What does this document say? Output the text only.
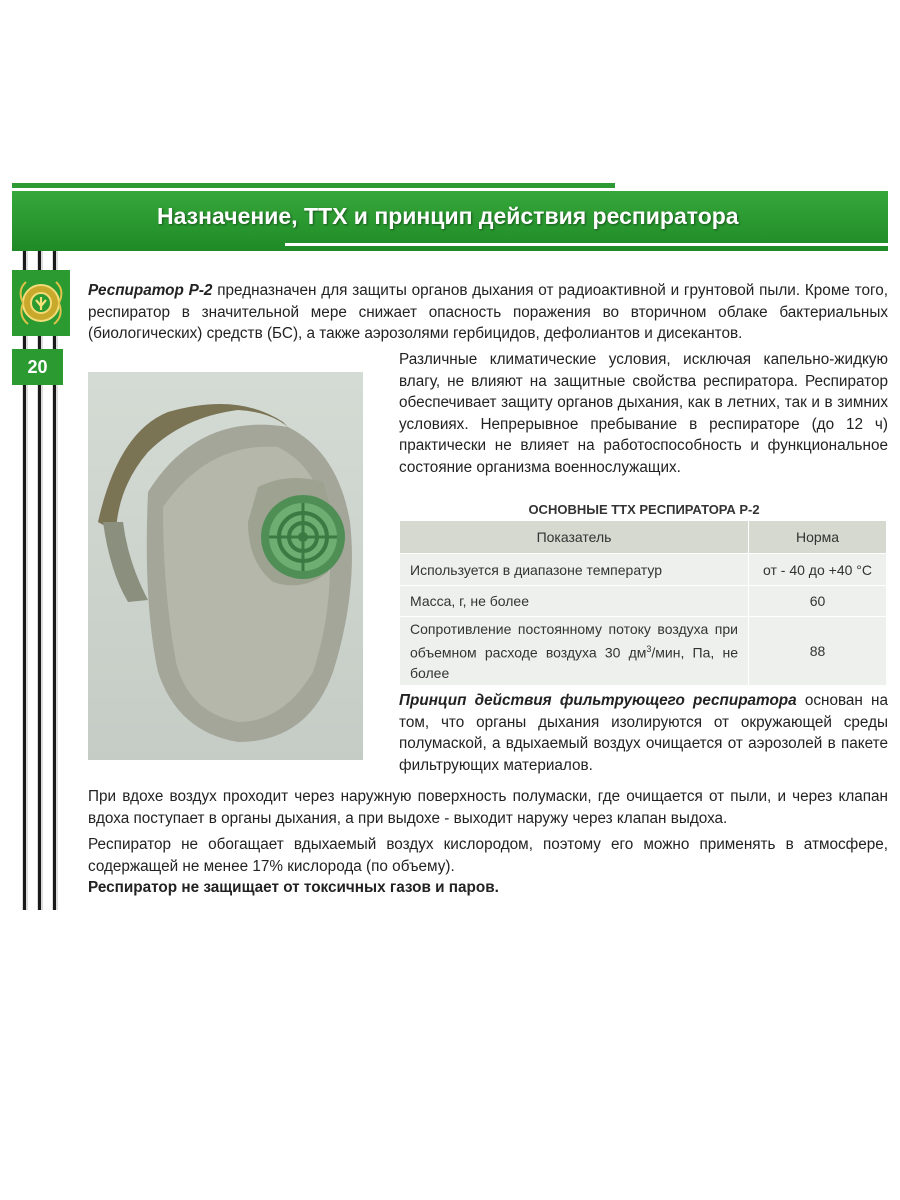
Назначение, ТТХ и принцип действия респиратора
20
Респиратор Р-2 предназначен для защиты органов дыхания от радиоактивной и грунтовой пыли. Кроме того, респиратор в значительной мере снижает опасность поражения во вторичном облаке бактериальных (биологических) средств (БС), а также аэрозолями гербицидов, дефолиантов и дисекантов.
Различные климатические условия, исключая капельно-жидкую влагу, не влияют на защитные свойства респиратора. Респиратор обеспечивает защиту органов дыхания, как в летних, так и в зимних условиях. Непрерывное пребывание в респираторе (до 12 ч) практически не влияет на работоспособность и функциональное состояние организма военнослужащих.
ОСНОВНЫЕ ТТХ РЕСПИРАТОРА Р-2
Показатель	Норма
Используется в диапазоне температур	от - 40 до +40 °С
Масса, г, не более	60
Сопротивление постоянному потоку воздуха при объемном расходе воздуха 30 $дм^3$/мин, Па, не более	88
Принцип действия фильтрующего респиратора основан на том, что органы дыхания изолируются от окружающей среды полумаской, а вдыхаемый воздух очищается от аэрозолей в пакете фильтрующих материалов.
При вдохе воздух проходит через наружную поверхность полумаски, где очищается от пыли, и через клапан вдоха поступает в органы дыхания, а при выдохе - выходит наружу через клапан выдоха.
Респиратор не обогащает вдыхаемый воздух кислородом, поэтому его можно применять в атмосфере, содержащей не менее 17% кислорода (по объему).
Респиратор не защищает от токсичных газов и паров.
